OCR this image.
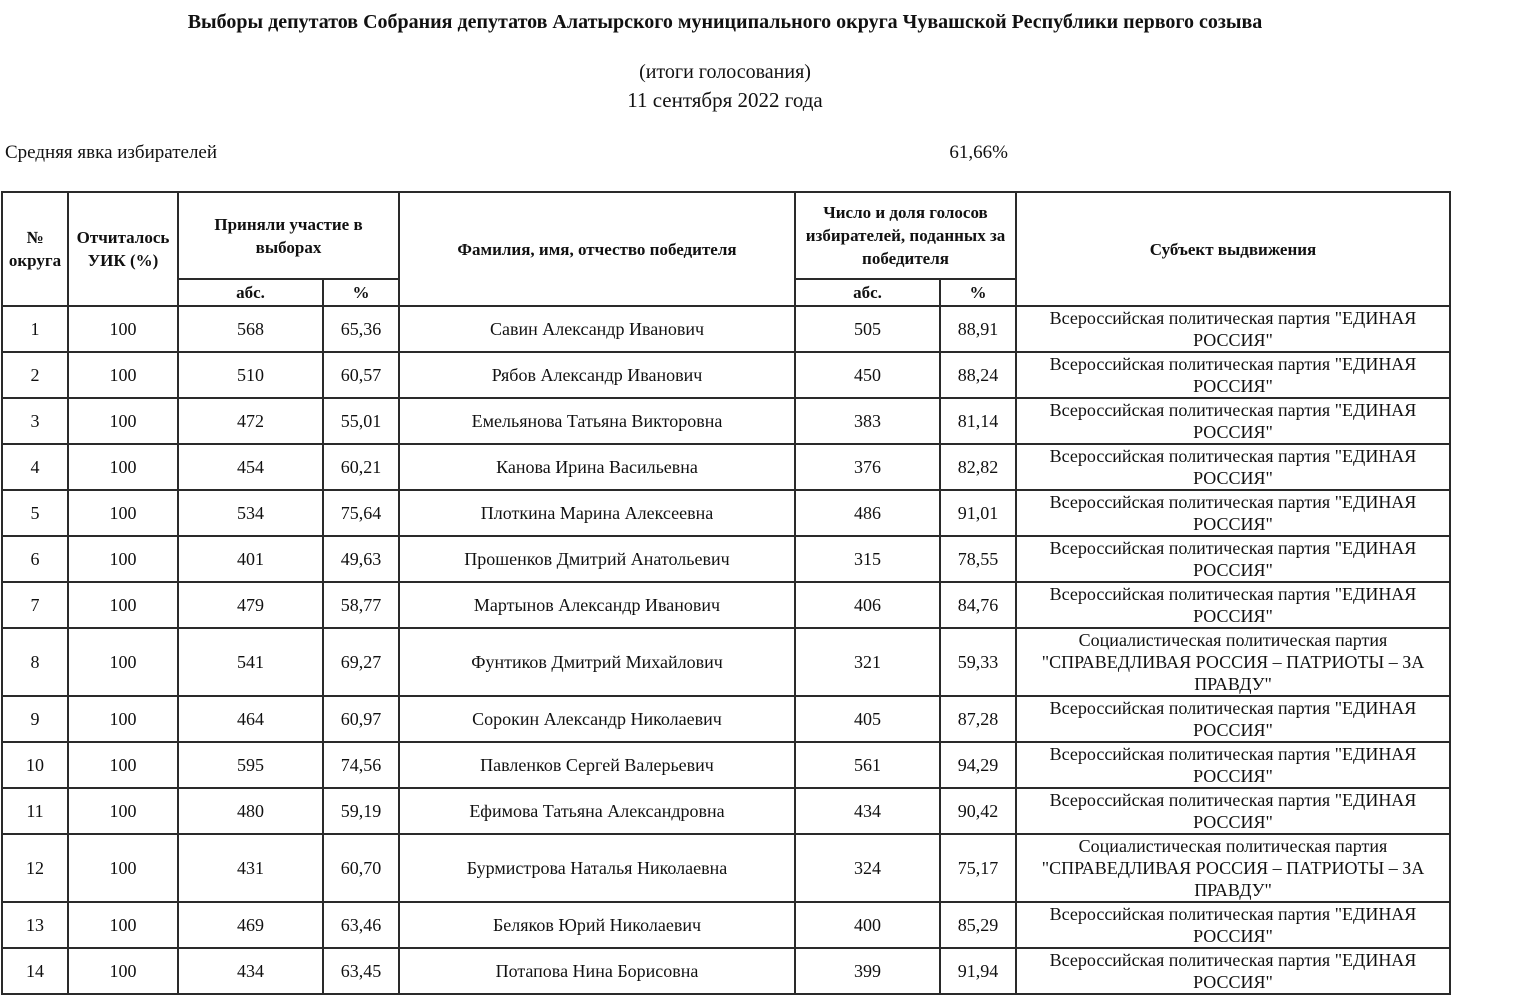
Выборы депутатов Собрания депутатов Алатырского муниципального округа Чувашской Республики первого созыва
(итоги голосования)
11 сентября 2022 года
Средняя явка избирателей	61,66%
№ округа	Отчиталось УИК (%)	Приняли участие в выборах		Фамилия, имя, отчество победителя	Число и доля голосов избирателей, поданных за победителя		Субъект выдвижения
		абс.	%		абс.	%	
1	100	568	65,36	Савин Александр Иванович	505	88,91	Всероссийская политическая партия "ЕДИНАЯ
РОССИЯ"

2	100	510	60,57	Рябов Александр Иванович	450	88,24	Всероссийская политическая партия "ЕДИНАЯ
РОССИЯ"

3	100	472	55,01	Емельянова Татьяна Викторовна	383	81,14	Всероссийская политическая партия "ЕДИНАЯ
РОССИЯ"

4	100	454	60,21	Канова Ирина Васильевна	376	82,82	Всероссийская политическая партия "ЕДИНАЯ
РОССИЯ"

5	100	534	75,64	Плоткина Марина Алексеевна	486	91,01	Всероссийская политическая партия "ЕДИНАЯ
РОССИЯ"

6	100	401	49,63	Прошенков Дмитрий Анатольевич	315	78,55	Всероссийская политическая партия "ЕДИНАЯ
РОССИЯ"

7	100	479	58,77	Мартынов Александр Иванович	406	84,76	Всероссийская политическая партия "ЕДИНАЯ
РОССИЯ"

8	100	541	69,27	Фунтиков Дмитрий Михайлович	321	59,33	Социалистическая политическая партия
"СПРАВЕДЛИВАЯ РОССИЯ – ПАТРИОТЫ – ЗА
ПРАВДУ"

9	100	464	60,97	Сорокин Александр Николаевич	405	87,28	Всероссийская политическая партия "ЕДИНАЯ
РОССИЯ"

10	100	595	74,56	Павленков Сергей Валерьевич	561	94,29	Всероссийская политическая партия "ЕДИНАЯ
РОССИЯ"

11	100	480	59,19	Ефимова Татьяна Александровна	434	90,42	Всероссийская политическая партия "ЕДИНАЯ
РОССИЯ"

12	100	431	60,70	Бурмистрова Наталья Николаевна	324	75,17	Социалистическая политическая партия
"СПРАВЕДЛИВАЯ РОССИЯ – ПАТРИОТЫ – ЗА
ПРАВДУ"

13	100	469	63,46	Беляков Юрий Николаевич	400	85,29	Всероссийская политическая партия "ЕДИНАЯ
РОССИЯ"

14	100	434	63,45	Потапова Нина Борисовна	399	91,94	Всероссийская политическая партия "ЕДИНАЯ
РОССИЯ"
